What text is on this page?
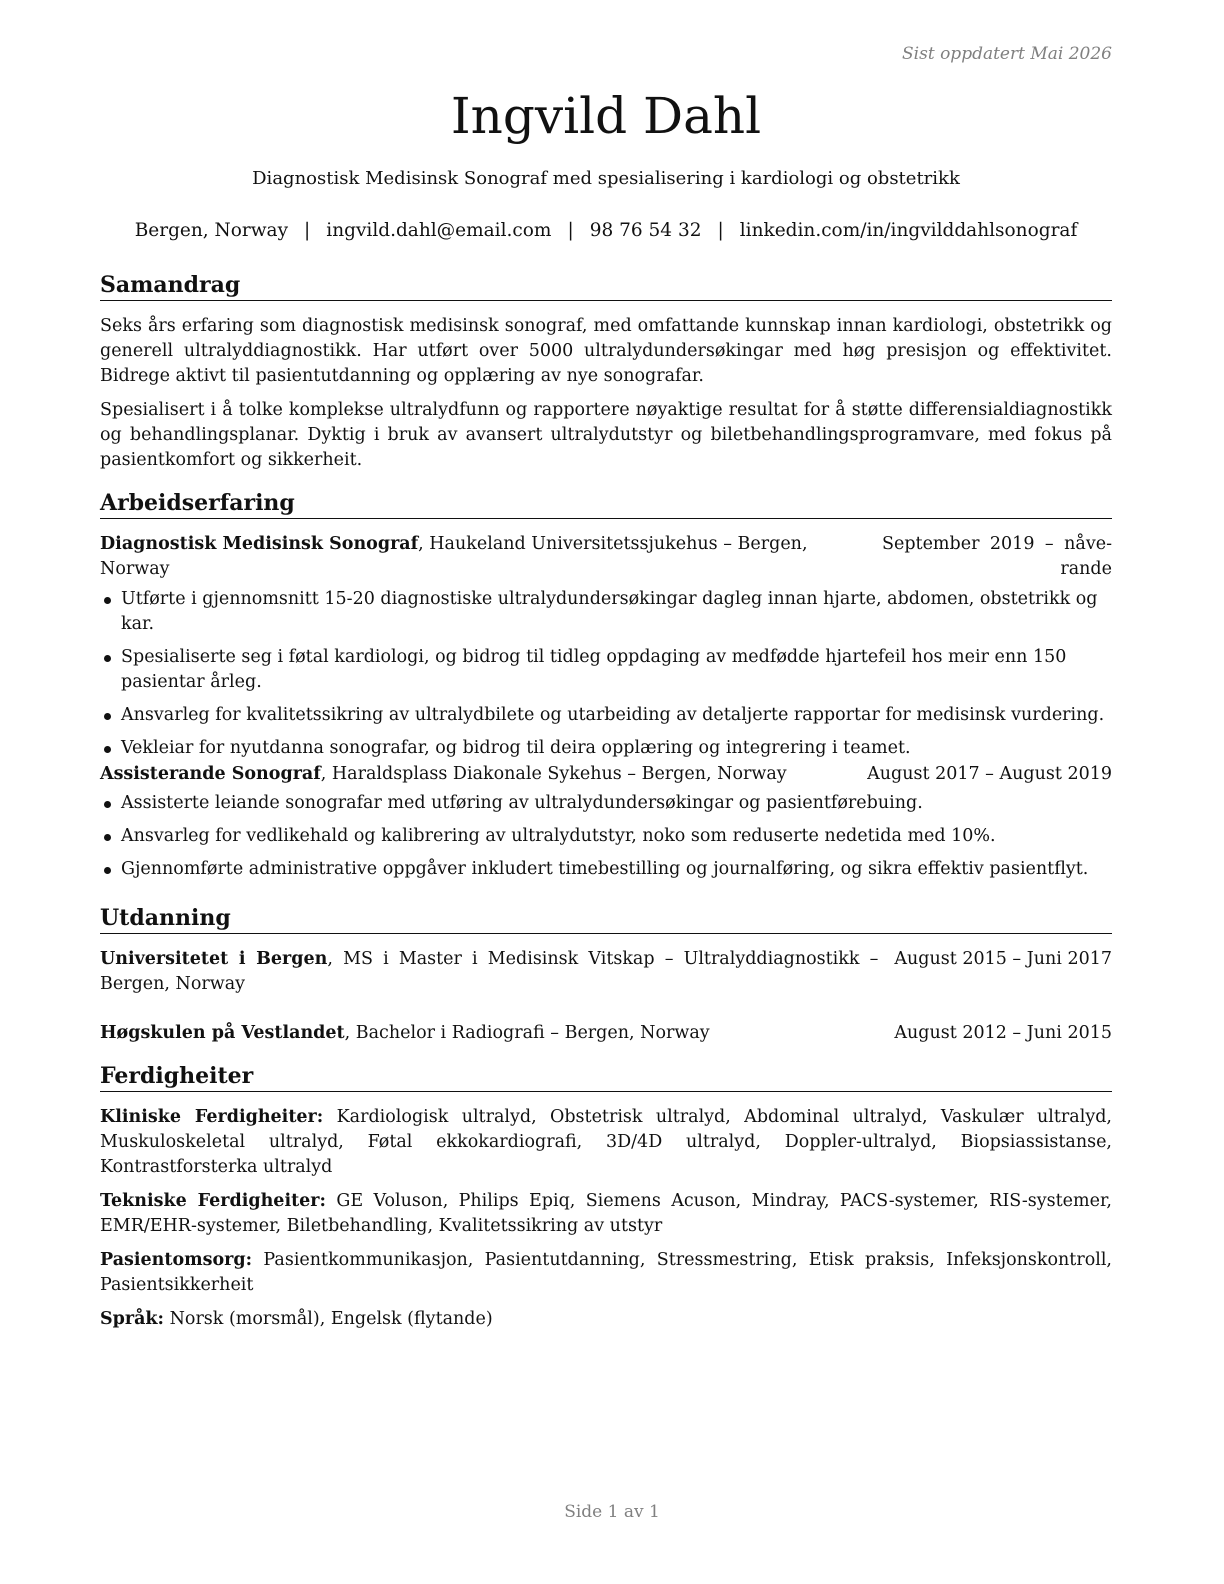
Sist oppdatert Mai 2026
Ingvild Dahl
Diagnostisk Medisinsk Sonograf med spesialisering i kardiologi og obstetrikk
Bergen, Norway | ingvild.dahl@email.com | 98 76 54 32 | linkedin.com/in/ingvilddahlsonograf
Samandrag

Seks års erfaring som diagnostisk medisinsk sonograf, med omfattande kunnskap innan kardiologi, obstetrikk og generell ultralyddiagnostikk. Har utført over 5000 ultralydundersøkingar med høg presisjon og effektivitet. Bidrege aktivt til pasientutdanning og opplæring av nye sonografar.

Spesialisert i å tolke komplekse ultralydfunn og rapportere nøyaktige resultat for å støtte differensialdiagnostikk og behandlingsplanar. Dyktig i bruk av avansert ultralydutstyr og biletbehandlingsprogramvare, med fokus på pasientkomfort og sikkerheit.

Arbeidserfaring
Diagnostisk Medisinsk Sonograf, Haukeland Universitetssjukehus – Bergen, Norway
September 2019 – nåverande
Utførte i gjennomsnitt 15-20 diagnostiske ultralydundersøkingar dagleg innan hjarte, abdomen, obstetrikk og kar.
Spesialiserte seg i føtal kardiologi, og bidrog til tidleg oppdaging av medfødde hjartefeil hos meir enn 150 pasientar årleg.
Ansvarleg for kvalitetssikring av ultralydbilete og utarbeiding av detaljerte rapportar for medisinsk vurdering.
Vekleiar for nyutdanna sonografar, og bidrog til deira opplæring og integrering i teamet.
Assisterande Sonograf, Haraldsplass Diakonale Sykehus – Bergen, Norway	August 2017 – August 2019
Assisterte leiande sonografar med utføring av ultralydundersøkingar og pasientførebuing.
Ansvarleg for vedlikehald og kalibrering av ultralydutstyr, noko som reduserte nedetida med 10%.
Gjennomførte administrative oppgåver inkludert timebestilling og journalføring, og sikra effektiv pasientflyt.
Utdanning
Universitetet i Bergen, MS i Master i Medisinsk Vitskap – Ultralyddiagnostikk – Bergen, Norway
August 2015 – Juni 2017
Høgskulen på Vestlandet, Bachelor i Radiografi – Bergen, Norway	August 2012 – Juni 2015
Ferdigheiter

Kliniske Ferdigheiter: Kardiologisk ultralyd, Obstetrisk ultralyd, Abdominal ultralyd, Vaskulær ultralyd, Muskuloskeletal ultralyd, Føtal ekkokardiografi, 3D/4D ultralyd, Doppler-ultralyd, Biopsiassistanse, Kontrastforsterka ultralyd

Tekniske Ferdigheiter: GE Voluson, Philips Epiq, Siemens Acuson, Mindray, PACS-systemer, RIS-systemer, EMR/EHR-systemer, Biletbehandling, Kvalitetssikring av utstyr

Pasientomsorg: Pasientkommunikasjon, Pasientutdanning, Stressmestring, Etisk praksis, Infeksjonskontroll, Pasientsikkerheit

Språk: Norsk (morsmål), Engelsk (flytande)

Side 1 av 1
